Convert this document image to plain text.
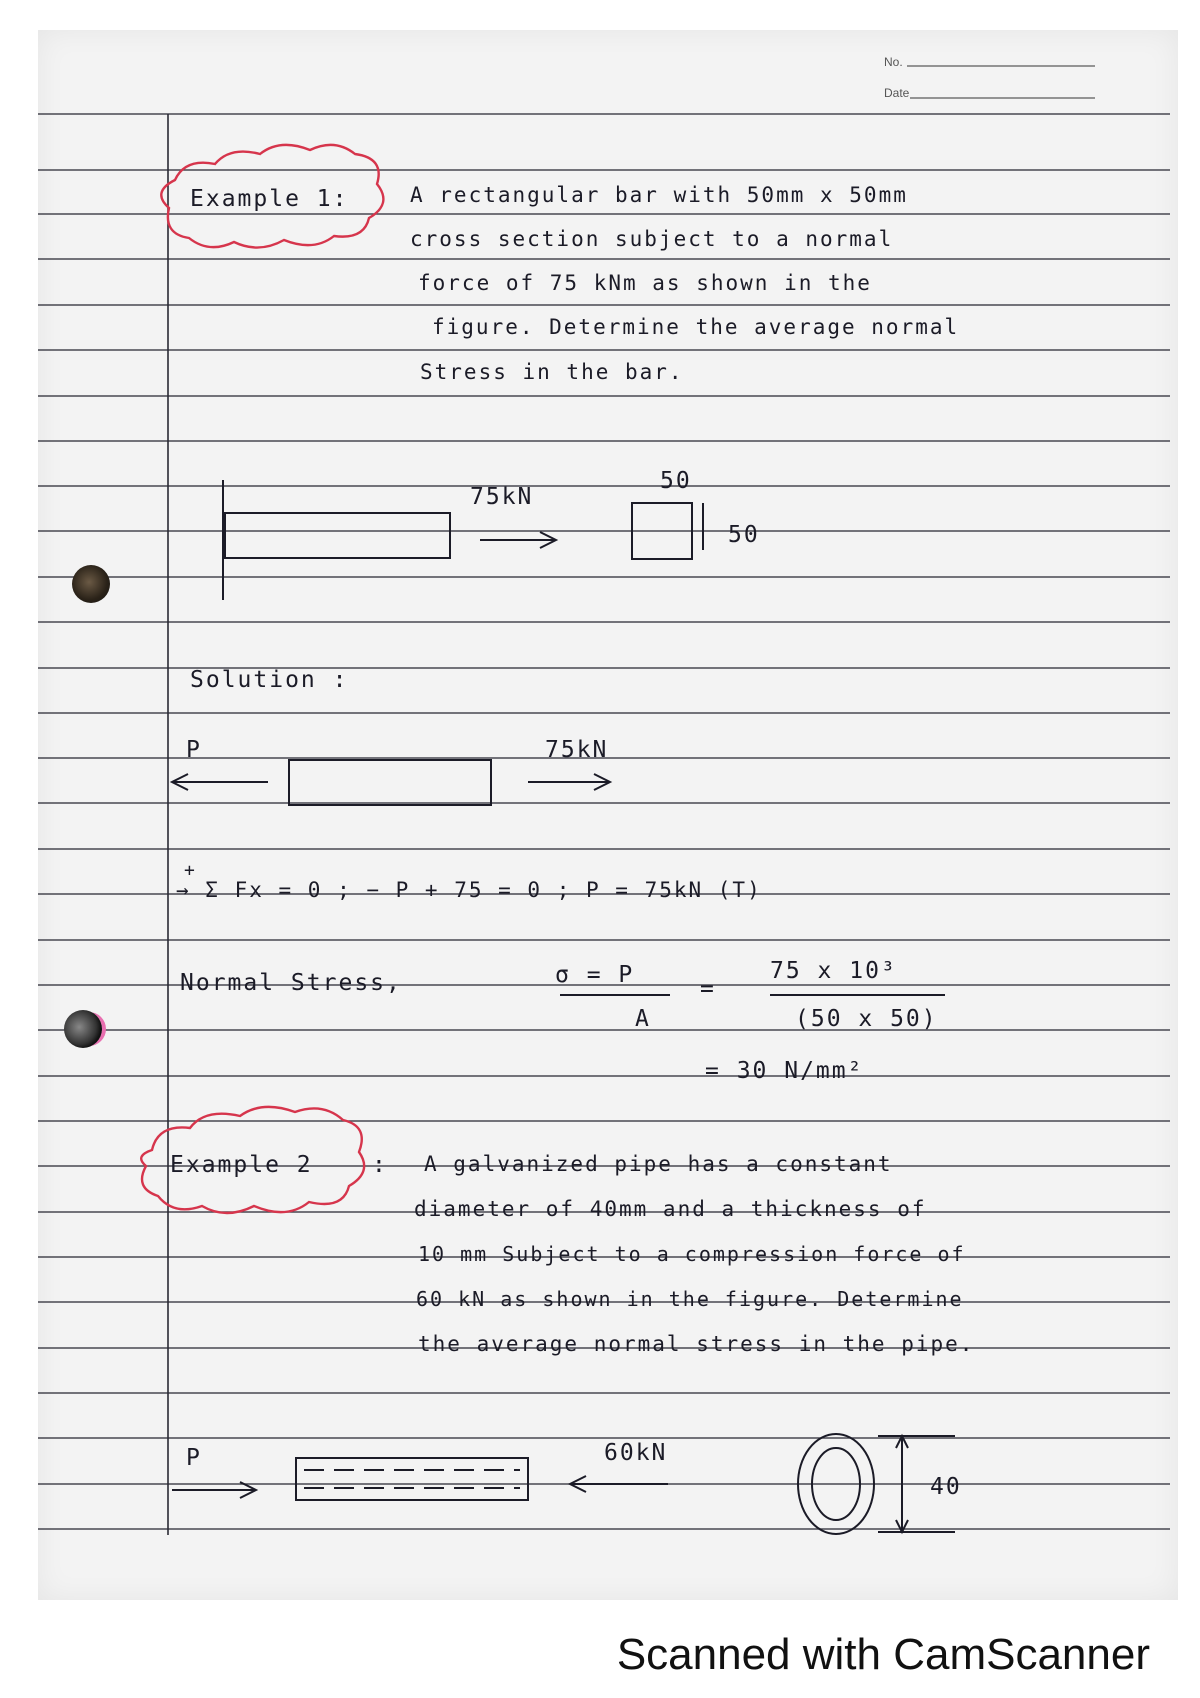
No.
Date
Example 1:	A rectangular bar with 50mm x 50mm
cross section subject to a normal
force of 75 kNm as shown in the
figure. Determine the average normal
Stress in the bar.
75kN
50
50
Solution :
P	75kN
+
→ Σ Fx = 0 ; − P + 75 = 0 ; P = 75kN (T)
Normal Stress,	σ = P
A
=
75 x 10³
(50 x 50)
= 30 N/mm²
Example 2	: A galvanized pipe has a constant
diameter of 40mm and a thickness of
10 mm Subject to a compression force of
60 kN as shown in the figure. Determine
the average normal stress in the pipe.
P	60kN
40
Scanned with CamScanner
